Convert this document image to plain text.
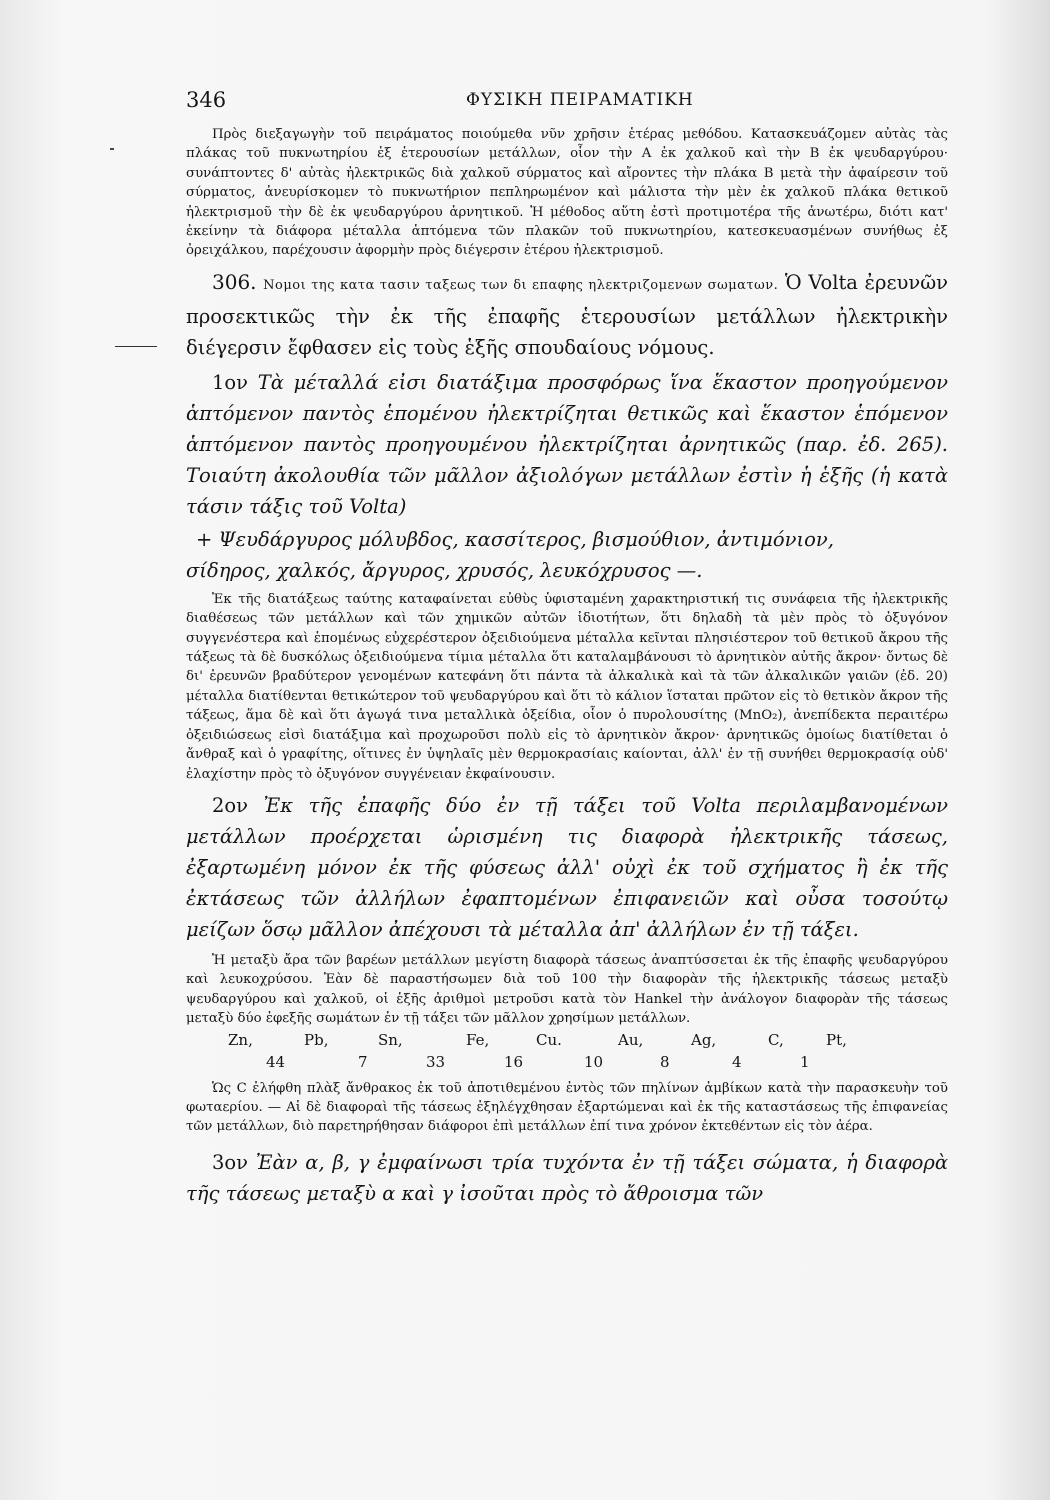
346	ΦΥΣΙΚΗ ΠΕΙΡΑΜΑΤΙΚΗ

Πρὸς διεξαγωγὴν τοῦ πειράματος ποιούμεθα νῦν χρῆσιν ἑτέρας μεθόδου. Κατασκευάζομεν αὐτὰς τὰς πλάκας τοῦ πυκνωτηρίου ἐξ ἑτερουσίων μετάλλων, οἷον τὴν Α ἐκ χαλκοῦ καὶ τὴν Β ἐκ ψευδαργύρου· συνάπτοντες δ' αὐτὰς ἠλεκτρικῶς διὰ χαλκοῦ σύρματος καὶ αἴροντες τὴν πλάκα Β μετὰ τὴν ἀφαίρεσιν τοῦ σύρματος, ἀνευρίσκομεν τὸ πυκνωτήριον πεπληρωμένον καὶ μάλιστα τὴν μὲν ἐκ χαλκοῦ πλάκα θετικοῦ ἠλεκτρισμοῦ τὴν δὲ ἐκ ψευδαργύρου ἀρνητικοῦ. Ἡ μέθοδος αὕτη ἐστὶ προτιμοτέρα τῆς ἀνωτέρω, διότι κατ' ἐκείνην τὰ διάφορα μέταλλα ἁπτόμενα τῶν πλακῶν τοῦ πυκνωτηρίου, κατεσκευασμένων συνήθως ἐξ ὀρειχάλκου, παρέχουσιν ἀφορμὴν πρὸς διέγερσιν ἑτέρου ἠλεκτρισμοῦ.

306. Νομοι της κατα τασιν ταξεως των δι επαφης ηλεκτριζομενων σωματων. Ὁ Volta ἐρευνῶν προσεκτικῶς τὴν ἐκ τῆς ἐπαφῆς ἑτερουσίων μετάλλων ἠλεκτρικὴν διέγερσιν ἔφθασεν εἰς τοὺς ἑξῆς σπουδαίους νόμους.

1ον Τὰ μέταλλά εἰσι διατάξιμα προσφόρως ἵνα ἕκαστον προηγούμενον ἁπτόμενον παντὸς ἑπομένου ἠλεκτρίζηται θετικῶς καὶ ἕκαστον ἑπόμενον ἁπτόμενον παντὸς προηγουμένου ἠλεκτρίζηται ἀρνητικῶς (παρ. ἐδ. 265). Τοιαύτη ἀκολουθία τῶν μᾶλλον ἀξιολόγων μετάλλων ἐστὶν ἡ ἑξῆς (ἡ κατὰ τάσιν τάξις τοῦ Volta)

+ Ψευδάργυρος μόλυβδος, κασσίτερος, βισμούθιον, ἀντιμόνιον,
σίδηρος, χαλκός, ἄργυρος, χρυσός, λευκόχρυσος —.

Ἐκ τῆς διατάξεως ταύτης καταφαίνεται εὐθὺς ὑφισταμένη χαρακτηριστική τις συνάφεια τῆς ἠλεκτρικῆς διαθέσεως τῶν μετάλλων καὶ τῶν χημικῶν αὐτῶν ἰδιοτήτων, ὅτι δηλαδὴ τὰ μὲν πρὸς τὸ ὀξυγόνον συγγενέστερα καὶ ἑπομένως εὐχερέστερον ὀξειδιούμενα μέταλλα κεῖνται πλησιέστερον τοῦ θετικοῦ ἄκρου τῆς τάξεως τὰ δὲ δυσκόλως ὀξειδιούμενα τίμια μέταλλα ὅτι καταλαμβάνουσι τὸ ἀρνητικὸν αὐτῆς ἄκρον· ὄντως δὲ δι' ἐρευνῶν βραδύτερον γενομένων κατεφάνη ὅτι πάντα τὰ ἀλκαλικὰ καὶ τὰ τῶν ἀλκαλικῶν γαιῶν (ἐδ. 20) μέταλλα διατίθενται θετικώτερον τοῦ ψευδαργύρου καὶ ὅτι τὸ κάλιον ἵσταται πρῶτον εἰς τὸ θετικὸν ἄκρον τῆς τάξεως, ἅμα δὲ καὶ ὅτι ἀγωγά τινα μεταλλικὰ ὀξείδια, οἷον ὁ πυρολουσίτης (MnO₂), ἀνεπίδεκτα περαιτέρω ὀξειδιώσεως εἰσὶ διατάξιμα καὶ προχωροῦσι πολὺ εἰς τὸ ἀρνητικὸν ἄκρον· ἀρνητικῶς ὁμοίως διατίθεται ὁ ἄνθραξ καὶ ὁ γραφίτης, οἵτινες ἐν ὑψηλαῖς μὲν θερμοκρασίαις καίονται, ἀλλ' ἐν τῇ συνήθει θερμοκρασίᾳ οὐδ' ἐλαχίστην πρὸς τὸ ὀξυγόνον συγγένειαν ἐκφαίνουσιν.

2ον Ἐκ τῆς ἐπαφῆς δύο ἐν τῇ τάξει τοῦ Volta περιλαμβανομένων μετάλλων προέρχεται ὡρισμένη τις διαφορὰ ἠλεκτρικῆς τάσεως, ἐξαρτωμένη μόνον ἐκ τῆς φύσεως ἀλλ' οὐχὶ ἐκ τοῦ σχήματος ἢ ἐκ τῆς ἐκτάσεως τῶν ἀλλήλων ἐφαπτομένων ἐπιφανειῶν καὶ οὖσα τοσούτῳ μείζων ὅσῳ μᾶλλον ἀπέχουσι τὰ μέταλλα ἀπ' ἀλλήλων ἐν τῇ τάξει.

Ἡ μεταξὺ ἄρα τῶν βαρέων μετάλλων μεγίστη διαφορὰ τάσεως ἀναπτύσσεται ἐκ τῆς ἐπαφῆς ψευδαργύρου καὶ λευκοχρύσου. Ἐὰν δὲ παραστήσωμεν διὰ τοῦ 100 τὴν διαφορὰν τῆς ἠλεκτρικῆς τάσεως μεταξὺ ψευδαργύρου καὶ χαλκοῦ, οἱ ἑξῆς ἀριθμοὶ μετροῦσι κατὰ τὸν Hankel τὴν ἀνάλογον διαφορὰν τῆς τάσεως μεταξὺ δύο ἐφεξῆς σωμάτων ἐν τῇ τάξει τῶν μᾶλλον χρησίμων μετάλλων.

Zn,	Pb,	Sn,	Fe,	Cu.	Au,	Ag,	C,	Pt,
44	7	33	16	10	8	4	1

Ὡς C ἐλήφθη πλὰξ ἄνθρακος ἐκ τοῦ ἀποτιθεμένου ἐντὸς τῶν πηλίνων ἀμβίκων κατὰ τὴν παρασκευὴν τοῦ φωταερίου. — Αἱ δὲ διαφοραὶ τῆς τάσεως ἐξηλέγχθησαν ἐξαρτώμεναι καὶ ἐκ τῆς καταστάσεως τῆς ἐπιφανείας τῶν μετάλλων, διὸ παρετηρήθησαν διάφοροι ἐπὶ μετάλλων ἐπί τινα χρόνον ἐκτεθέντων εἰς τὸν ἀέρα.

3ον Ἐὰν α, β, γ ἐμφαίνωσι τρία τυχόντα ἐν τῇ τάξει σώματα, ἡ διαφορὰ τῆς τάσεως μεταξὺ α καὶ γ ἰσοῦται πρὸς τὸ ἄθροισμα τῶν
